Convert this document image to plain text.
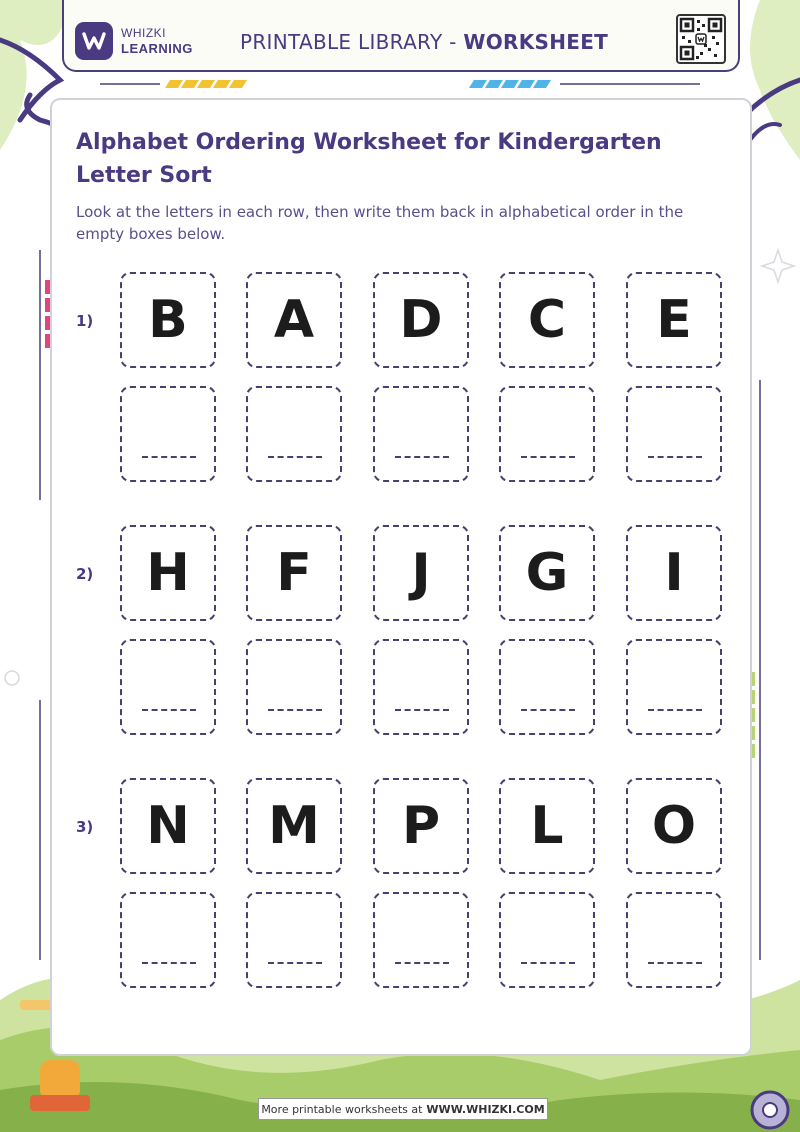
WHIZKI
LEARNING PRINTABLE LIBRARY - WORKSHEET
Alphabet Ordering Worksheet for Kindergarten Letter Sort

Look at the letters in each row, then write them back in alphabetical order in the empty boxes below.

1) B A D C E
2) H F J G I
3) N M P L O
More printable worksheets at WWW.WHIZKI.COM
